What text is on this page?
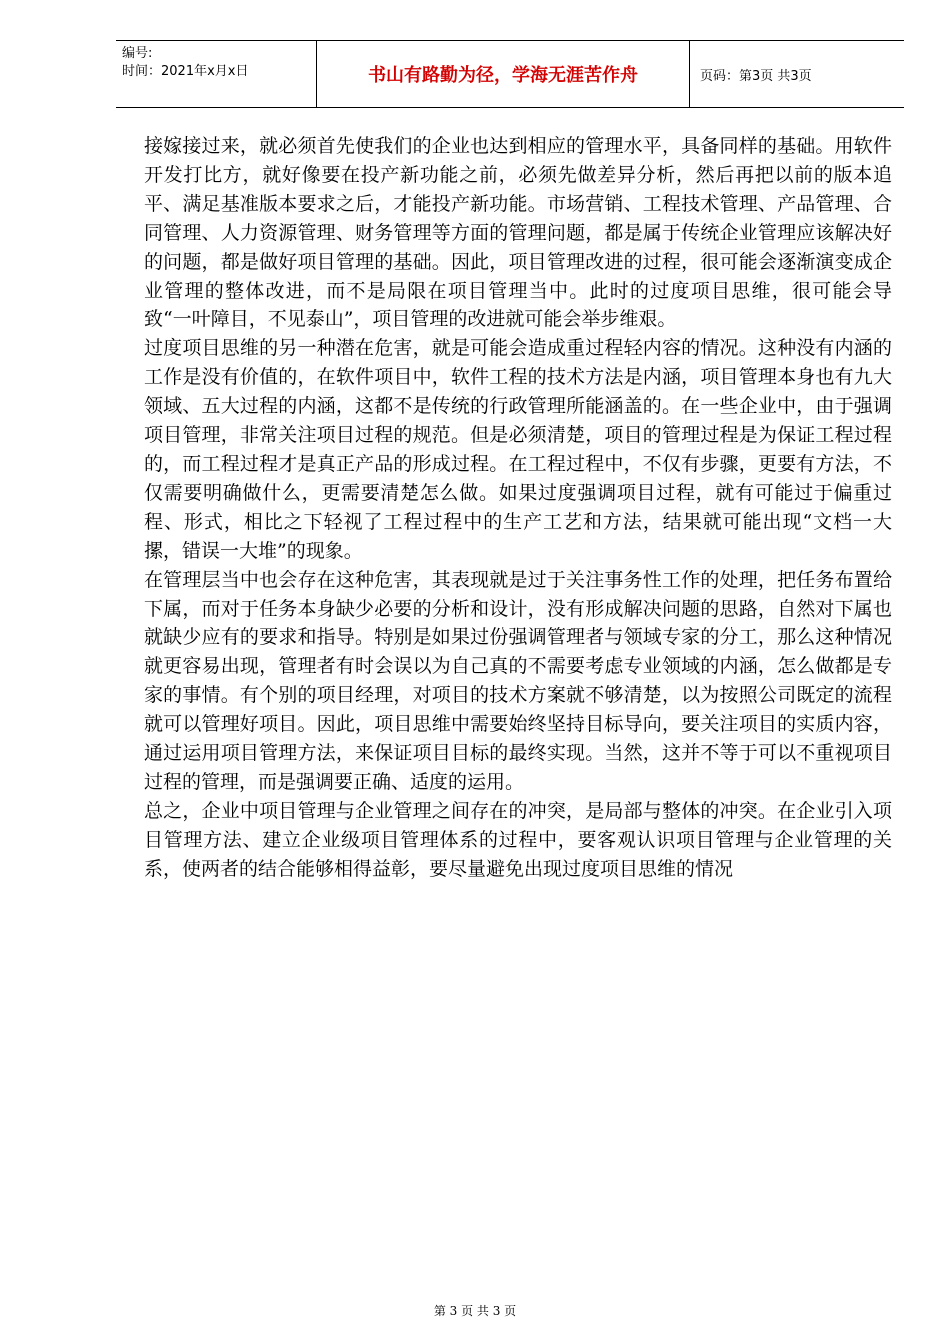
编号:
时间：2021年x月x日	书山有路勤为径，学海无涯苦作舟	页码：第3页 共3页

接嫁接过来，就必须首先使我们的企业也达到相应的管理水平，具备同样的基础。用软件开发打比方，就好像要在投产新功能之前，必须先做差异分析，然后再把以前的版本追平、满足基准版本要求之后，才能投产新功能。市场营销、工程技术管理、产品管理、合同管理、人力资源管理、财务管理等方面的管理问题，都是属于传统企业管理应该解决好的问题，都是做好项目管理的基础。因此，项目管理改进的过程，很可能会逐渐演变成企业管理的整体改进，而不是局限在项目管理当中。此时的过度项目思维，很可能会导致“一叶障目，不见泰山”，项目管理的改进就可能会举步维艰。

过度项目思维的另一种潜在危害，就是可能会造成重过程轻内容的情况。这种没有内涵的工作是没有价值的，在软件项目中，软件工程的技术方法是内涵，项目管理本身也有九大领域、五大过程的内涵，这都不是传统的行政管理所能涵盖的。在一些企业中，由于强调项目管理，非常关注项目过程的规范。但是必须清楚，项目的管理过程是为保证工程过程的，而工程过程才是真正产品的形成过程。在工程过程中，不仅有步骤，更要有方法，不仅需要明确做什么，更需要清楚怎么做。如果过度强调项目过程，就有可能过于偏重过程、形式，相比之下轻视了工程过程中的生产工艺和方法，结果就可能出现“文档一大摞，错误一大堆”的现象。

在管理层当中也会存在这种危害，其表现就是过于关注事务性工作的处理，把任务布置给下属，而对于任务本身缺少必要的分析和设计，没有形成解决问题的思路，自然对下属也就缺少应有的要求和指导。特别是如果过份强调管理者与领域专家的分工，那么这种情况就更容易出现，管理者有时会误以为自己真的不需要考虑专业领域的内涵，怎么做都是专家的事情。有个别的项目经理，对项目的技术方案就不够清楚，以为按照公司既定的流程就可以管理好项目。因此，项目思维中需要始终坚持目标导向，要关注项目的实质内容，通过运用项目管理方法，来保证项目目标的最终实现。当然，这并不等于可以不重视项目过程的管理，而是强调要正确、适度的运用。

总之，企业中项目管理与企业管理之间存在的冲突，是局部与整体的冲突。在企业引入项目管理方法、建立企业级项目管理体系的过程中，要客观认识项目管理与企业管理的关系，使两者的结合能够相得益彰，要尽量避免出现过度项目思维的情况

第 3 页 共 3 页
